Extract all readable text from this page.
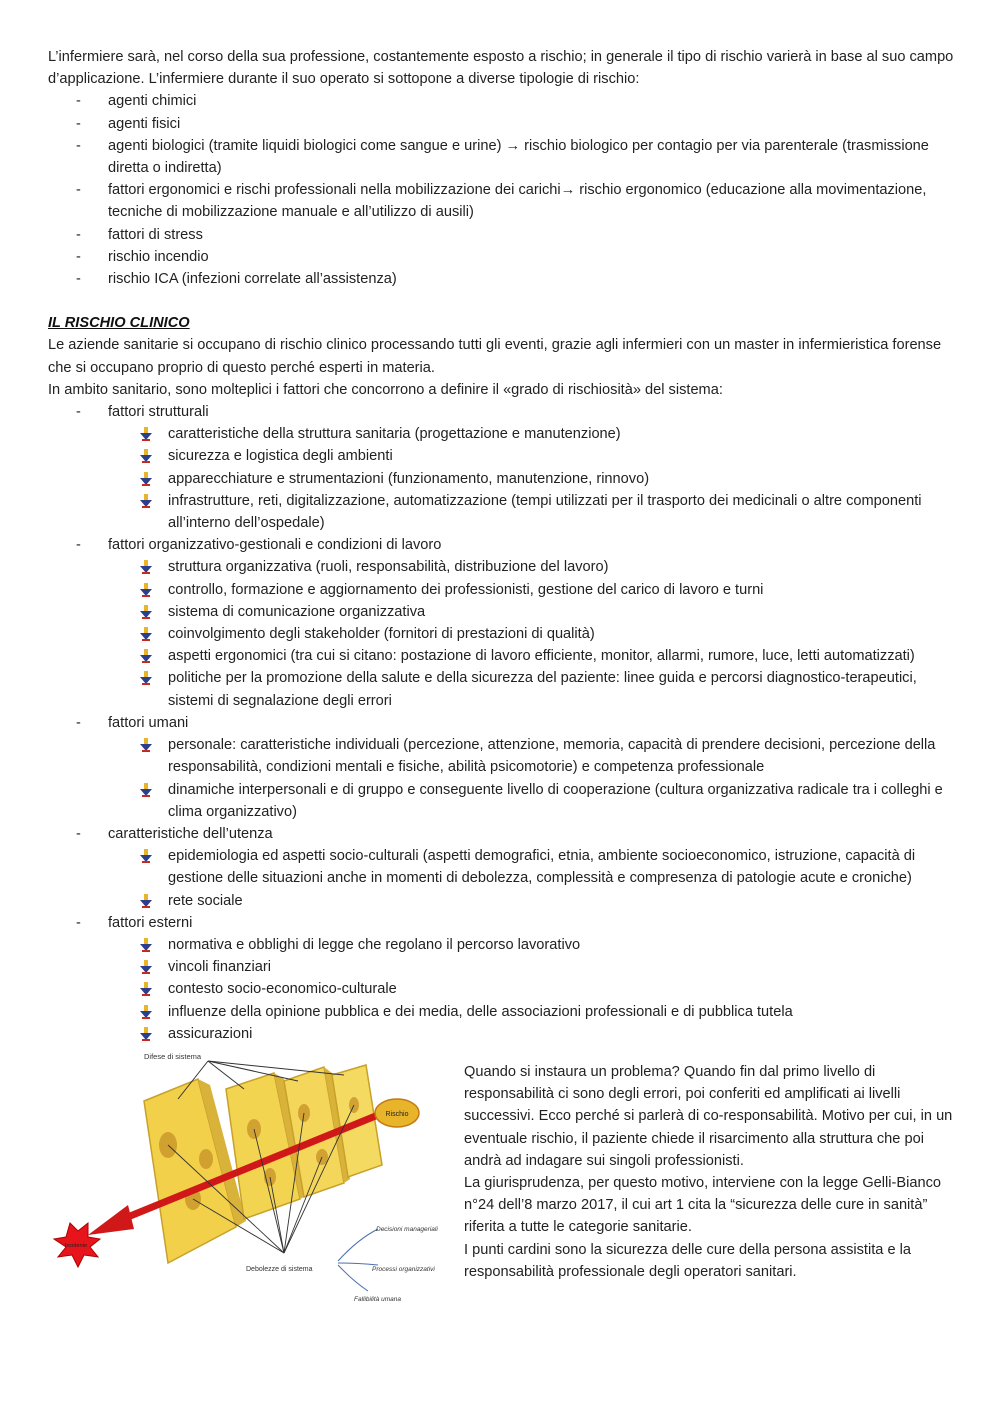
L’infermiere sarà, nel corso della sua professione, costantemente esposto a rischio; in generale il tipo di rischio varierà in base al suo campo d’applicazione. L’infermiere durante il suo operato si sottopone a diverse tipologie di rischio:

- agenti chimici
- agenti fisici
- agenti biologici (tramite liquidi biologici come sangue e urine) → rischio biologico per contagio per via parenterale (trasmissione diretta o indiretta)
- fattori ergonomici e rischi professionali nella mobilizzazione dei carichi→ rischio ergonomico (educazione alla movimentazione, tecniche di mobilizzazione manuale e all’utilizzo di ausili)
- fattori di stress
- rischio incendio
- rischio ICA (infezioni correlate all’assistenza)

IL RISCHIO CLINICO

Le aziende sanitarie si occupano di rischio clinico processando tutti gli eventi, grazie agli infermieri con un master in infermieristica forense che si occupano proprio di questo perché esperti in materia.

In ambito sanitario, sono molteplici i fattori che concorrono a definire il «grado di rischiosità» del sistema:

- fattori strutturali
caratteristiche della struttura sanitaria (progettazione e manutenzione)
sicurezza e logistica degli ambienti
apparecchiature e strumentazioni (funzionamento, manutenzione, rinnovo)
infrastrutture, reti, digitalizzazione, automatizzazione (tempi utilizzati per il trasporto dei medicinali o altre componenti all’interno dell’ospedale)
- fattori organizzativo-gestionali e condizioni di lavoro
struttura organizzativa (ruoli, responsabilità, distribuzione del lavoro)
controllo, formazione e aggiornamento dei professionisti, gestione del carico di lavoro e turni
sistema di comunicazione organizzativa
coinvolgimento degli stakeholder (fornitori di prestazioni di qualità)
aspetti ergonomici (tra cui si citano: postazione di lavoro efficiente, monitor, allarmi, rumore, luce, letti automatizzati)
politiche per la promozione della salute e della sicurezza del paziente: linee guida e percorsi diagnostico-terapeutici, sistemi di segnalazione degli errori
- fattori umani
personale: caratteristiche individuali (percezione, attenzione, memoria, capacità di prendere decisioni, percezione della responsabilità, condizioni mentali e fisiche, abilità psicomotorie) e competenza professionale
dinamiche interpersonali e di gruppo e conseguente livello di cooperazione (cultura organizzativa radicale tra i colleghi e clima organizzativo)
- caratteristiche dell’utenza
epidemiologia ed aspetti socio-culturali (aspetti demografici, etnia, ambiente socioeconomico, istruzione, capacità di gestione delle situazioni anche in momenti di debolezza, complessità e compresenza di patologie acute e croniche)
rete sociale
- fattori esterni
normativa e obblighi di legge che regolano il percorso lavorativo
vincoli finanziari
contesto socio-economico-culturale
influenze della opinione pubblica e dei media, delle associazioni professionali e di pubblica tutela
assicurazioni
Difese di sistema
Rischio
Incidente
Debolezze di sistema
Decisioni manageriali
Processi organizzativi
Fallibilità umana

Quando si instaura un problema? Quando fin dal primo livello di responsabilità ci sono degli errori, poi conferiti ed amplificati ai livelli successivi. Ecco perché si parlerà di co-responsabilità. Motivo per cui, in un eventuale rischio, il paziente chiede il risarcimento alla struttura che poi andrà ad indagare sui singoli professionisti.

La giurisprudenza, per questo motivo, interviene con la legge Gelli-Bianco n°24 dell’8 marzo 2017, il cui art 1 cita la “sicurezza delle cure in sanità” riferita a tutte le categorie sanitarie.

I punti cardini sono la sicurezza delle cure della persona assistita e la responsabilità professionale degli operatori sanitari.
